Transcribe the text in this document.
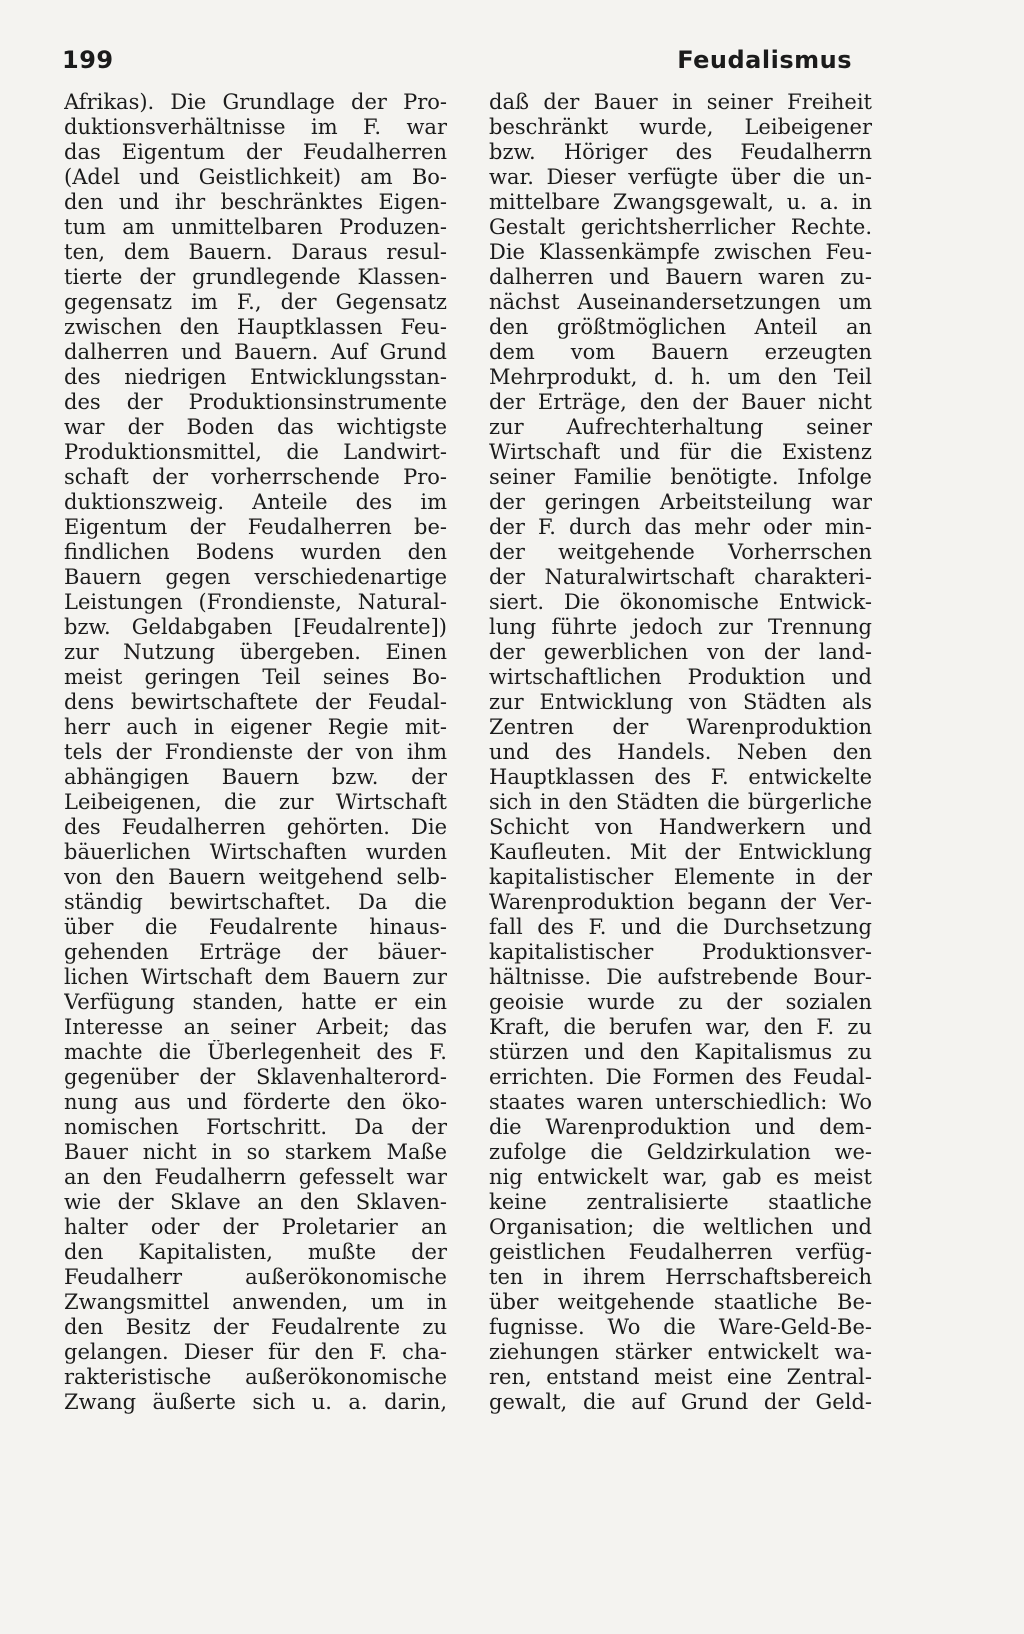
199	Feudalismus
Afrikas). Die Grundlage der Pro-
duktionsverhältnisse im F. war
das Eigentum der Feudalherren
(Adel und Geistlichkeit) am Bo-
den und ihr beschränktes Eigen-
tum am unmittelbaren Produzen-
ten, dem Bauern. Daraus resul-
tierte der grundlegende Klassen-
gegensatz im F., der Gegensatz
zwischen den Hauptklassen Feu-
dalherren und Bauern. Auf Grund
des niedrigen Entwicklungsstan-
des der Produktionsinstrumente
war der Boden das wichtigste
Produktionsmittel, die Landwirt-
schaft der vorherrschende Pro-
duktionszweig. Anteile des im
Eigentum der Feudalherren be-
findlichen Bodens wurden den
Bauern gegen verschiedenartige
Leistungen (Frondienste, Natural-
bzw. Geldabgaben [Feudalrente])
zur Nutzung übergeben. Einen
meist geringen Teil seines Bo-
dens bewirtschaftete der Feudal-
herr auch in eigener Regie mit-
tels der Frondienste der von ihm
abhängigen Bauern bzw. der
Leibeigenen, die zur Wirtschaft
des Feudalherren gehörten. Die
bäuerlichen Wirtschaften wurden
von den Bauern weitgehend selb-
ständig bewirtschaftet. Da die
über die Feudalrente hinaus-
gehenden Erträge der bäuer-
lichen Wirtschaft dem Bauern zur
Verfügung standen, hatte er ein
Interesse an seiner Arbeit; das
machte die Überlegenheit des F.
gegenüber der Sklavenhalterord-
nung aus und förderte den öko-
nomischen Fortschritt. Da der
Bauer nicht in so starkem Maße
an den Feudalherrn gefesselt war
wie der Sklave an den Sklaven-
halter oder der Proletarier an
den Kapitalisten, mußte der
Feudalherr außerökonomische
Zwangsmittel anwenden, um in
den Besitz der Feudalrente zu
gelangen. Dieser für den F. cha-
rakteristische außerökonomische
Zwang äußerte sich u. a. darin,
daß der Bauer in seiner Freiheit
beschränkt wurde, Leibeigener
bzw. Höriger des Feudalherrn
war. Dieser verfügte über die un-
mittelbare Zwangsgewalt, u. a. in
Gestalt gerichtsherrlicher Rechte.
Die Klassenkämpfe zwischen Feu-
dalherren und Bauern waren zu-
nächst Auseinandersetzungen um
den größtmöglichen Anteil an
dem vom Bauern erzeugten
Mehrprodukt, d. h. um den Teil
der Erträge, den der Bauer nicht
zur Aufrechterhaltung seiner
Wirtschaft und für die Existenz
seiner Familie benötigte. Infolge
der geringen Arbeitsteilung war
der F. durch das mehr oder min-
der weitgehende Vorherrschen
der Naturalwirtschaft charakteri-
siert. Die ökonomische Entwick-
lung führte jedoch zur Trennung
der gewerblichen von der land-
wirtschaftlichen Produktion und
zur Entwicklung von Städten als
Zentren der Warenproduktion
und des Handels. Neben den
Hauptklassen des F. entwickelte
sich in den Städten die bürgerliche
Schicht von Handwerkern und
Kaufleuten. Mit der Entwicklung
kapitalistischer Elemente in der
Warenproduktion begann der Ver-
fall des F. und die Durchsetzung
kapitalistischer Produktionsver-
hältnisse. Die aufstrebende Bour-
geoisie wurde zu der sozialen
Kraft, die berufen war, den F. zu
stürzen und den Kapitalismus zu
errichten. Die Formen des Feudal-
staates waren unterschiedlich: Wo
die Warenproduktion und dem-
zufolge die Geldzirkulation we-
nig entwickelt war, gab es meist
keine zentralisierte staatliche
Organisation; die weltlichen und
geistlichen Feudalherren verfüg-
ten in ihrem Herrschaftsbereich
über weitgehende staatliche Be-
fugnisse. Wo die Ware-Geld-Be-
ziehungen stärker entwickelt wa-
ren, entstand meist eine Zentral-
gewalt, die auf Grund der Geld-
